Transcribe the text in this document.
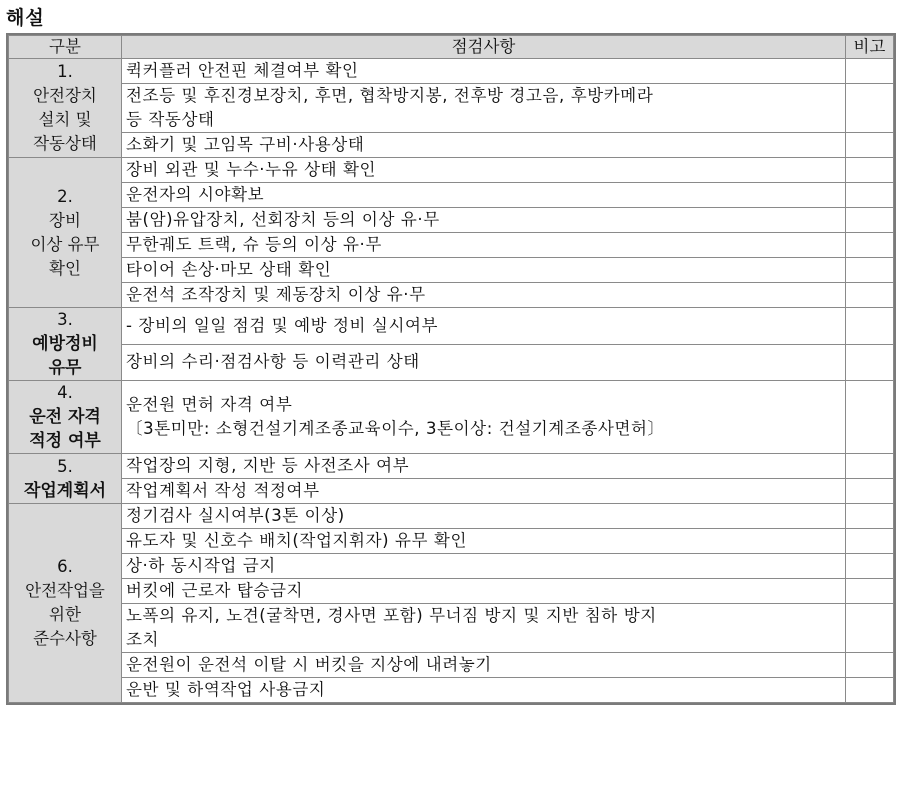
해설
구분	점검사항	비고

1.
안전장치
설치 및
작동상태	퀵커플러 안전핀 체결여부 확인	
	전조등 및 후진경보장치, 후면, 협착방지봉, 전후방 경고음, 후방카메라
등 작동상태	
	소화기 및 고임목 구비·사용상태	

2.
장비
이상 유무
확인	장비 외관 및 누수·누유 상태 확인	
	운전자의 시야확보	
	붐(암)유압장치, 선회장치 등의 이상 유·무	
	무한궤도 트랙, 슈 등의 이상 유·무	
	타이어 손상·마모 상태 확인	
	운전석 조작장치 및 제동장치 이상 유·무	

3.
예방정비
유무	- 장비의 일일 점검 및 예방 정비 실시여부	
	장비의 수리·점검사항 등 이력관리 상태	

4.
운전 자격
적정 여부	운전원 면허 자격 여부
〔3톤미만: 소형건설기계조종교육이수, 3톤이상: 건설기계조종사면허〕	

5.
작업계획서	작업장의 지형, 지반 등 사전조사 여부	
	작업계획서 작성 적정여부	

6.
안전작업을
위한
준수사항	정기검사 실시여부(3톤 이상)	
	유도자 및 신호수 배치(작업지휘자) 유무 확인	
	상·하 동시작업 금지	
	버킷에 근로자 탑승금지	
	노폭의 유지, 노견(굴착면, 경사면 포함) 무너짐 방지 및 지반 침하 방지
조치	
	운전원이 운전석 이탈 시 버킷을 지상에 내려놓기	
	운반 및 하역작업 사용금지	
